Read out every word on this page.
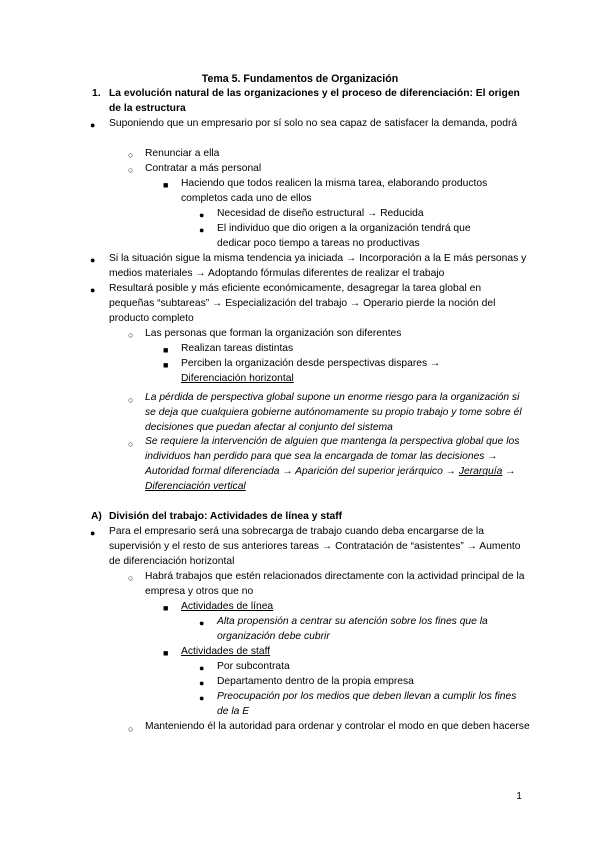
Tema 5. Fundamentos de Organización
1. La evolución natural de las organizaciones y el proceso de diferenciación: El origen de la estructura
● Suponiendo que un empresario por sí solo no sea capaz de satisfacer la demanda, podrá
○ Renunciar a ella
○ Contratar a más personal
■ Haciendo que todos realicen la misma tarea, elaborando productos completos cada uno de ellos
● Necesidad de diseño estructural → Reducida
● El individuo que dio origen a la organización tendrá que dedicar poco tiempo a tareas no productivas
● Si la situación sigue la misma tendencia ya iniciada → Incorporación a la E más personas y medios materiales → Adoptando fórmulas diferentes de realizar el trabajo
● Resultará posible y más eficiente económicamente, desagregar la tarea global en pequeñas “subtareas” → Especialización del trabajo → Operario pierde la noción del producto completo
○ Las personas que forman la organización son diferentes
■ Realizan tareas distintas
■ Perciben la organización desde perspectivas dispares →
Diferenciación horizontal
○ La pérdida de perspectiva global supone un enorme riesgo para la organización si se deja que cualquiera gobierne autónomamente su propio trabajo y tome sobre él decisiones que puedan afectar al conjunto del sistema
○ Se requiere la intervención de alguien que mantenga la perspectiva global que los individuos han perdido para que sea la encargada de tomar las decisiones → Autoridad formal diferenciada → Aparición del superior jerárquico → Jerarquía → Diferenciación vertical
A) División del trabajo: Actividades de línea y staff
● Para el empresario será una sobrecarga de trabajo cuando deba encargarse de la supervisión y el resto de sus anteriores tareas → Contratación de “asistentes” → Aumento de diferenciación horizontal
○ Habrá trabajos que estén relacionados directamente con la actividad principal de la empresa y otros que no
■ Actividades de línea
● Alta propensión a centrar su atención sobre los fines que la organización debe cubrir
■ Actividades de staff
● Por subcontrata
● Departamento dentro de la propia empresa
● Preocupación por los medios que deben llevan a cumplir los fines de la E
○ Manteniendo él la autoridad para ordenar y controlar el modo en que deben hacerse
1
